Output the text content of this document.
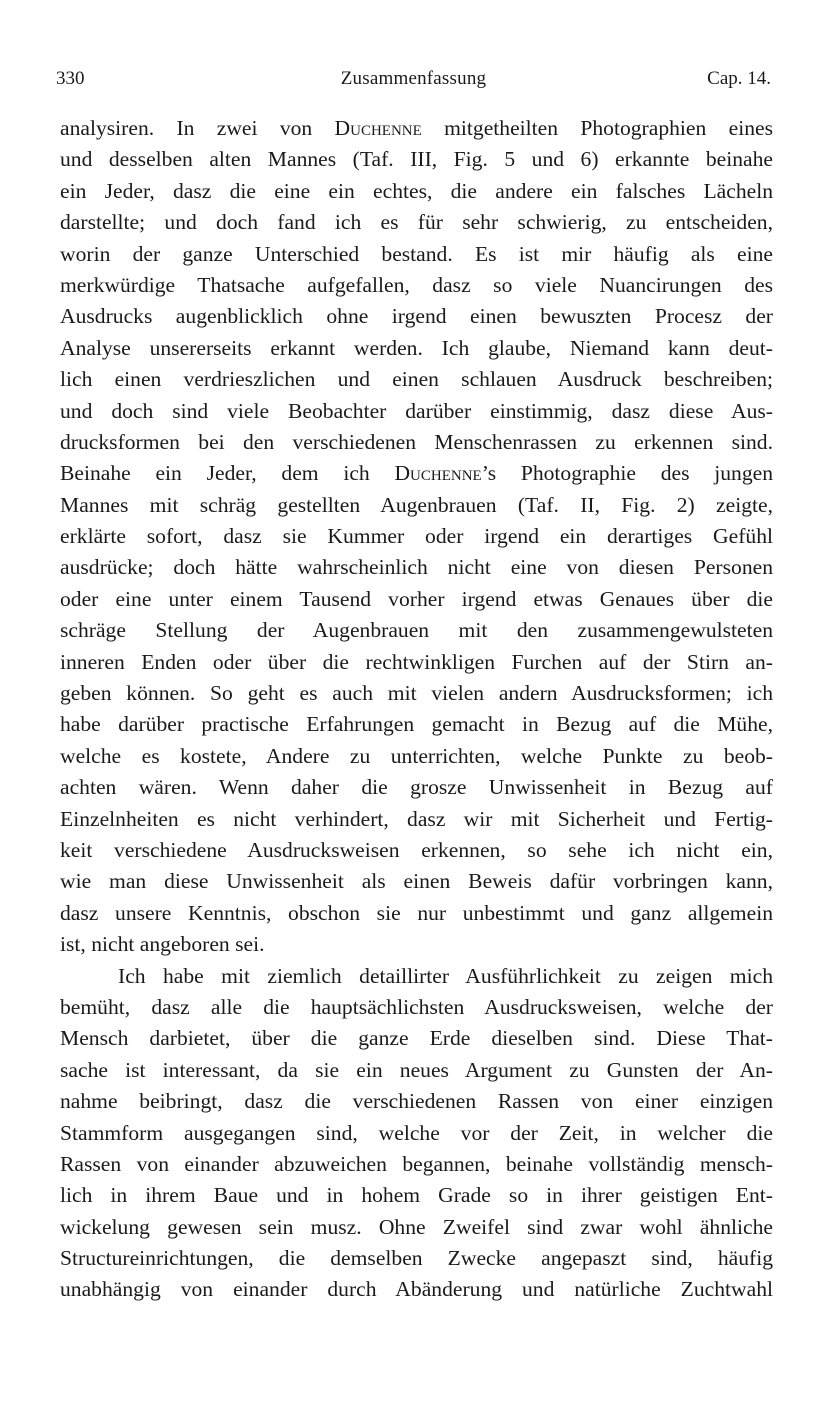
330	Zusammenfassung	Cap. 14.
analysiren. In zwei von Duchenne mitgetheilten Photographien eines
und desselben alten Mannes (Taf. III, Fig. 5 und 6) erkannte beinahe
ein Jeder, dasz die eine ein echtes, die andere ein falsches Lächeln
darstellte; und doch fand ich es für sehr schwierig, zu entscheiden,
worin der ganze Unterschied bestand. Es ist mir häufig als eine
merkwürdige Thatsache aufgefallen, dasz so viele Nuancirungen des
Ausdrucks augenblicklich ohne irgend einen bewuszten Procesz der
Analyse unsererseits erkannt werden. Ich glaube, Niemand kann deut-
lich einen verdrieszlichen und einen schlauen Ausdruck beschreiben;
und doch sind viele Beobachter darüber einstimmig, dasz diese Aus-
drucksformen bei den verschiedenen Menschenrassen zu erkennen sind.
Beinahe ein Jeder, dem ich Duchenne’s Photographie des jungen
Mannes mit schräg gestellten Augenbrauen (Taf. II, Fig. 2) zeigte,
erklärte sofort, dasz sie Kummer oder irgend ein derartiges Gefühl
ausdrücke; doch hätte wahrscheinlich nicht eine von diesen Personen
oder eine unter einem Tausend vorher irgend etwas Genaues über die
schräge Stellung der Augenbrauen mit den zusammengewulsteten
inneren Enden oder über die rechtwinkligen Furchen auf der Stirn an-
geben können. So geht es auch mit vielen andern Ausdrucksformen; ich
habe darüber practische Erfahrungen gemacht in Bezug auf die Mühe,
welche es kostete, Andere zu unterrichten, welche Punkte zu beob-
achten wären. Wenn daher die grosze Unwissenheit in Bezug auf
Einzelnheiten es nicht verhindert, dasz wir mit Sicherheit und Fertig-
keit verschiedene Ausdrucksweisen erkennen, so sehe ich nicht ein,
wie man diese Unwissenheit als einen Beweis dafür vorbringen kann,
dasz unsere Kenntnis, obschon sie nur unbestimmt und ganz allgemein
ist, nicht angeboren sei.
Ich habe mit ziemlich detaillirter Ausführlichkeit zu zeigen mich
bemüht, dasz alle die hauptsächlichsten Ausdrucksweisen, welche der
Mensch darbietet, über die ganze Erde dieselben sind. Diese That-
sache ist interessant, da sie ein neues Argument zu Gunsten der An-
nahme beibringt, dasz die verschiedenen Rassen von einer einzigen
Stammform ausgegangen sind, welche vor der Zeit, in welcher die
Rassen von einander abzuweichen begannen, beinahe vollständig mensch-
lich in ihrem Baue und in hohem Grade so in ihrer geistigen Ent-
wickelung gewesen sein musz. Ohne Zweifel sind zwar wohl ähnliche
Structureinrichtungen, die demselben Zwecke angepaszt sind, häufig
unabhängig von einander durch Abänderung und natürliche Zuchtwahl
